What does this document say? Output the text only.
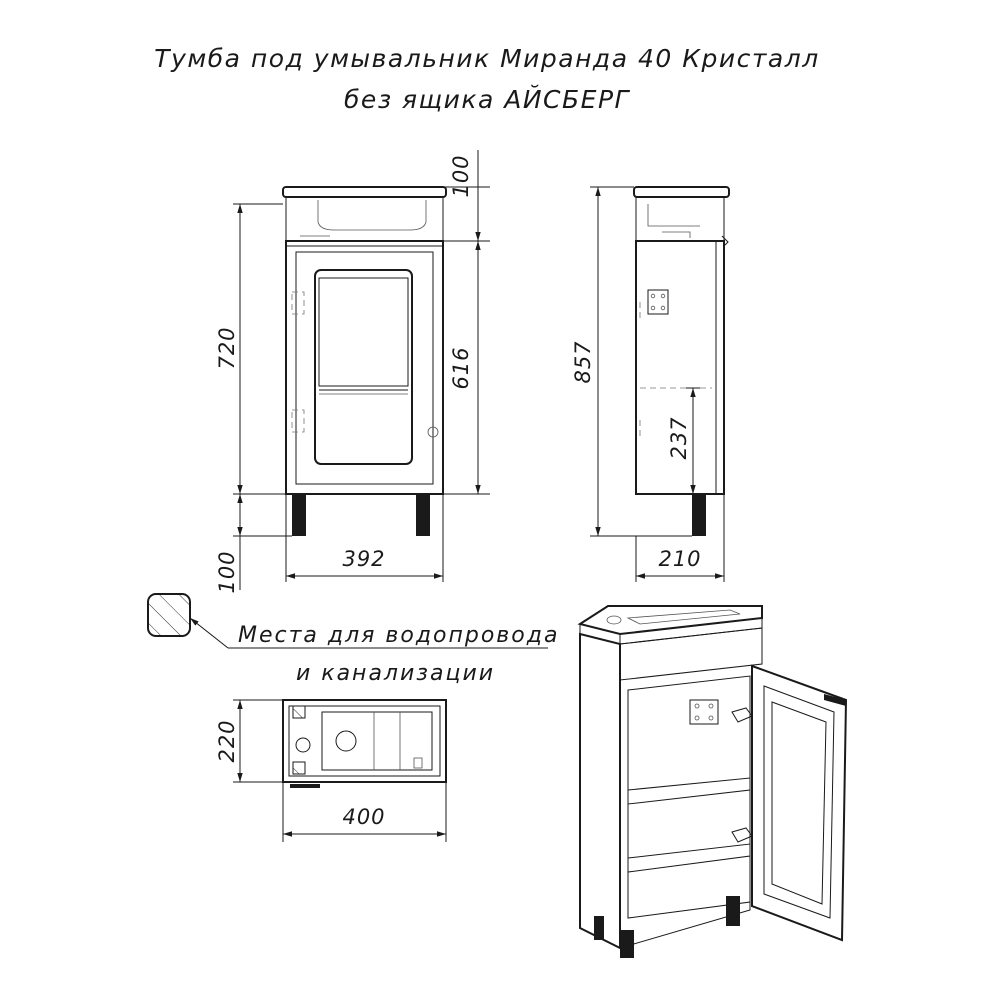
Тумба под умывальник Миранда 40 Кристалл
без ящика АЙСБЕРГ
100
616
720
100	392
857
237
210
Места для водопровода
и канализации
220
400
